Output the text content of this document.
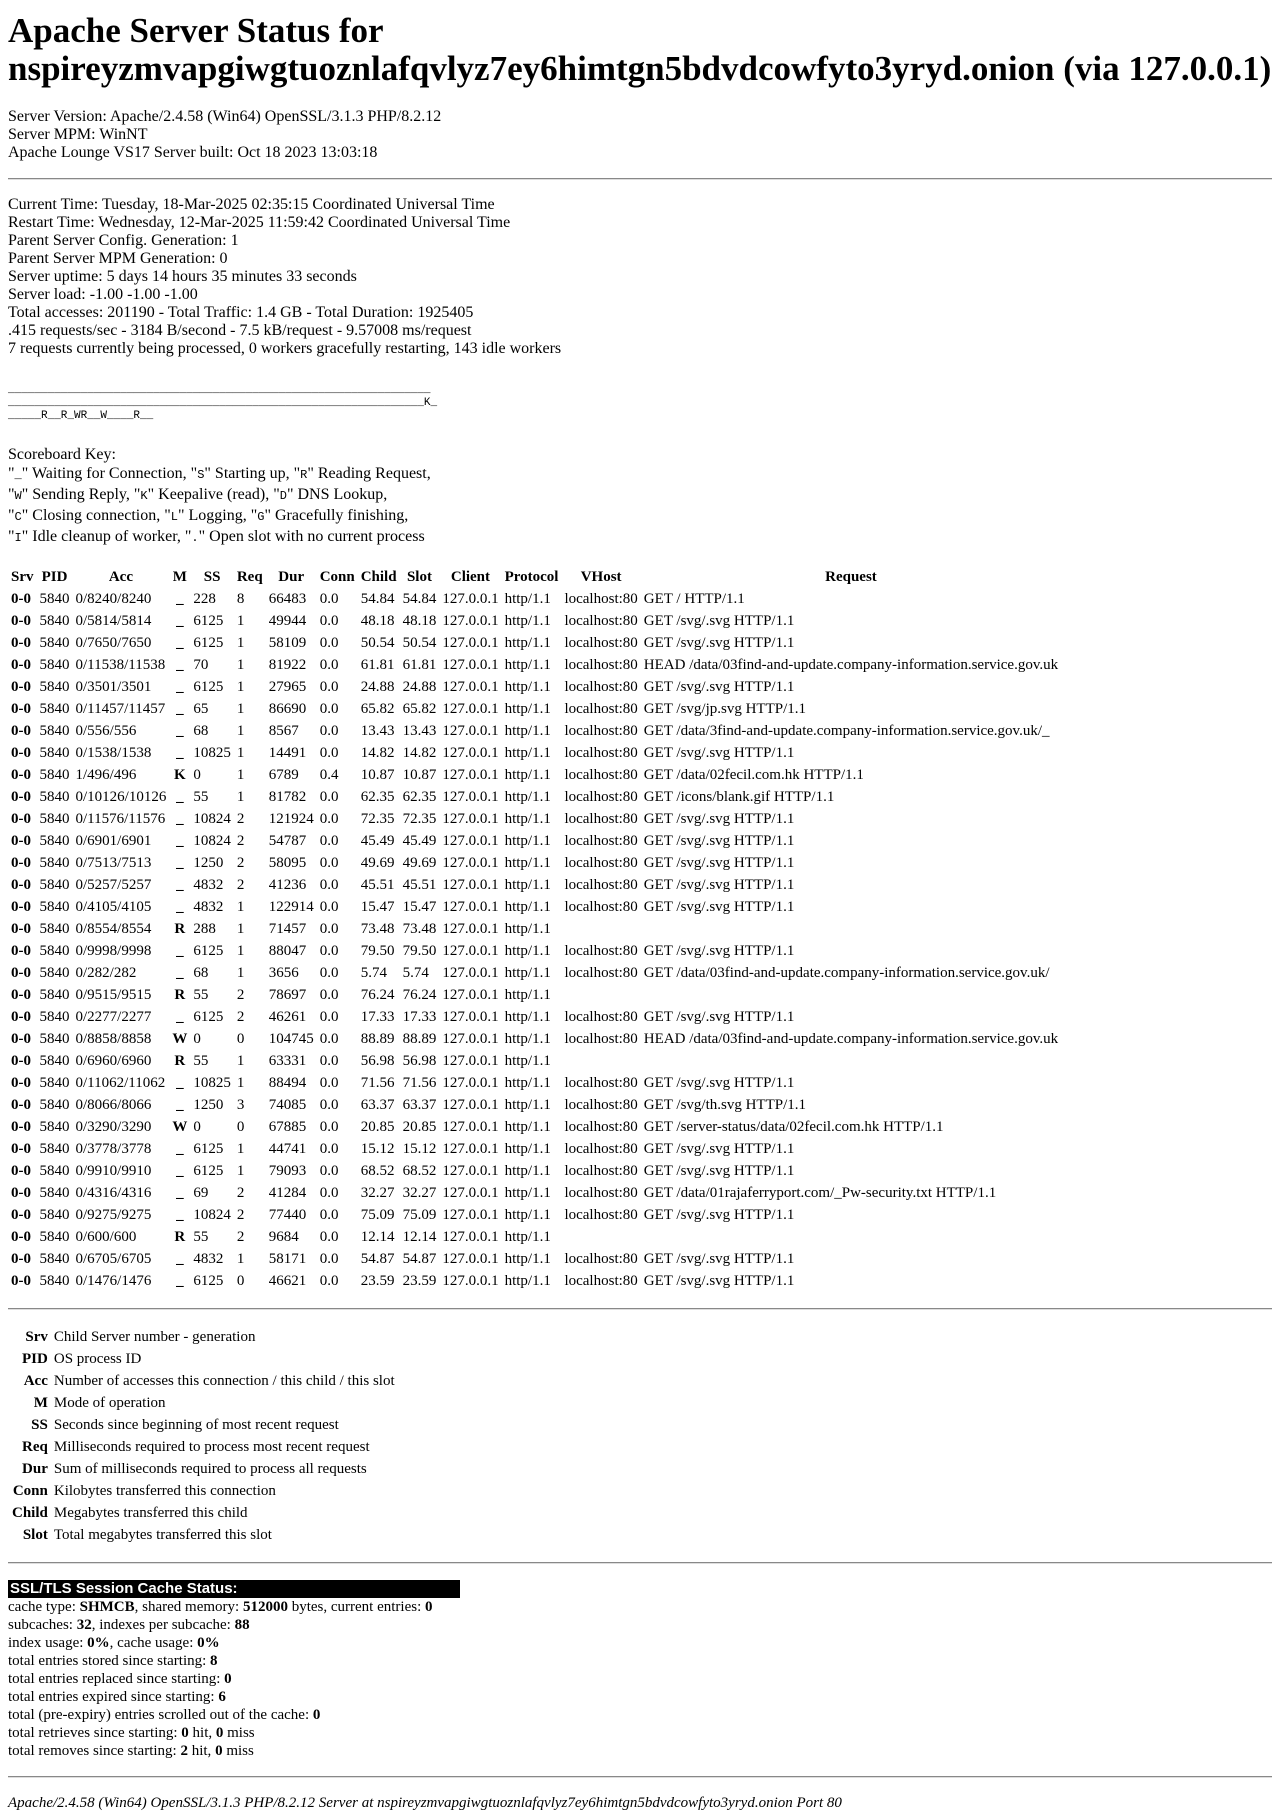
Apache Server Status for
nspireyzmvapgiwgtuoznlafqvlyz7ey6himtgn5bdvdcowfyto3yryd.onion (via 127.0.0.1)
Server Version: Apache/2.4.58 (Win64) OpenSSL/3.1.3 PHP/8.2.12
Server MPM: WinNT
Apache Lounge VS17 Server built: Oct 18 2023 13:03:18
Current Time: Tuesday, 18-Mar-2025 02:35:15 Coordinated Universal Time
Restart Time: Wednesday, 12-Mar-2025 11:59:42 Coordinated Universal Time
Parent Server Config. Generation: 1
Parent Server MPM Generation: 0
Server uptime: 5 days 14 hours 35 minutes 33 seconds
Server load: -1.00 -1.00 -1.00
Total accesses: 201190 - Total Traffic: 1.4 GB - Total Duration: 1925405
.415 requests/sec - 3184 B/second - 7.5 kB/request - 9.57008 ms/request
7 requests currently being processed, 0 workers gracefully restarting, 143 idle workers
________________________________________________________________
_______________________________________________________________K_
_____R__R_WR__W____R__
Scoreboard Key:
"_" Waiting for Connection, "S" Starting up, "R" Reading Request,
"W" Sending Reply, "K" Keepalive (read), "D" DNS Lookup,
"C" Closing connection, "L" Logging, "G" Gracefully finishing,
"I" Idle cleanup of worker, "." Open slot with no current process
Srv	PID	Acc	M	SS	Req	Dur	Conn	Child	Slot	Client	Protocol	VHost	Request
0-0	5840	0/8240/8240	_	228	8	66483	0.0	54.84	54.84	127.0.0.1	http/1.1	localhost:80	GET / HTTP/1.1
0-0	5840	0/5814/5814	_	6125	1	49944	0.0	48.18	48.18	127.0.0.1	http/1.1	localhost:80	GET /svg/.svg HTTP/1.1
0-0	5840	0/7650/7650	_	6125	1	58109	0.0	50.54	50.54	127.0.0.1	http/1.1	localhost:80	GET /svg/.svg HTTP/1.1
0-0	5840	0/11538/11538	_	70	1	81922	0.0	61.81	61.81	127.0.0.1	http/1.1	localhost:80	HEAD /data/03find-and-update.company-information.service.gov.uk
0-0	5840	0/3501/3501	_	6125	1	27965	0.0	24.88	24.88	127.0.0.1	http/1.1	localhost:80	GET /svg/.svg HTTP/1.1
0-0	5840	0/11457/11457	_	65	1	86690	0.0	65.82	65.82	127.0.0.1	http/1.1	localhost:80	GET /svg/jp.svg HTTP/1.1
0-0	5840	0/556/556	_	68	1	8567	0.0	13.43	13.43	127.0.0.1	http/1.1	localhost:80	GET /data/3find-and-update.company-information.service.gov.uk/_
0-0	5840	0/1538/1538	_	10825	1	14491	0.0	14.82	14.82	127.0.0.1	http/1.1	localhost:80	GET /svg/.svg HTTP/1.1
0-0	5840	1/496/496	K	0	1	6789	0.4	10.87	10.87	127.0.0.1	http/1.1	localhost:80	GET /data/02fecil.com.hk HTTP/1.1
0-0	5840	0/10126/10126	_	55	1	81782	0.0	62.35	62.35	127.0.0.1	http/1.1	localhost:80	GET /icons/blank.gif HTTP/1.1
0-0	5840	0/11576/11576	_	10824	2	121924	0.0	72.35	72.35	127.0.0.1	http/1.1	localhost:80	GET /svg/.svg HTTP/1.1
0-0	5840	0/6901/6901	_	10824	2	54787	0.0	45.49	45.49	127.0.0.1	http/1.1	localhost:80	GET /svg/.svg HTTP/1.1
0-0	5840	0/7513/7513	_	1250	2	58095	0.0	49.69	49.69	127.0.0.1	http/1.1	localhost:80	GET /svg/.svg HTTP/1.1
0-0	5840	0/5257/5257	_	4832	2	41236	0.0	45.51	45.51	127.0.0.1	http/1.1	localhost:80	GET /svg/.svg HTTP/1.1
0-0	5840	0/4105/4105	_	4832	1	122914	0.0	15.47	15.47	127.0.0.1	http/1.1	localhost:80	GET /svg/.svg HTTP/1.1
0-0	5840	0/8554/8554	R	288	1	71457	0.0	73.48	73.48	127.0.0.1	http/1.1		
0-0	5840	0/9998/9998	_	6125	1	88047	0.0	79.50	79.50	127.0.0.1	http/1.1	localhost:80	GET /svg/.svg HTTP/1.1
0-0	5840	0/282/282	_	68	1	3656	0.0	5.74	5.74	127.0.0.1	http/1.1	localhost:80	GET /data/03find-and-update.company-information.service.gov.uk/
0-0	5840	0/9515/9515	R	55	2	78697	0.0	76.24	76.24	127.0.0.1	http/1.1		
0-0	5840	0/2277/2277	_	6125	2	46261	0.0	17.33	17.33	127.0.0.1	http/1.1	localhost:80	GET /svg/.svg HTTP/1.1
0-0	5840	0/8858/8858	W	0	0	104745	0.0	88.89	88.89	127.0.0.1	http/1.1	localhost:80	HEAD /data/03find-and-update.company-information.service.gov.uk
0-0	5840	0/6960/6960	R	55	1	63331	0.0	56.98	56.98	127.0.0.1	http/1.1		
0-0	5840	0/11062/11062	_	10825	1	88494	0.0	71.56	71.56	127.0.0.1	http/1.1	localhost:80	GET /svg/.svg HTTP/1.1
0-0	5840	0/8066/8066	_	1250	3	74085	0.0	63.37	63.37	127.0.0.1	http/1.1	localhost:80	GET /svg/th.svg HTTP/1.1
0-0	5840	0/3290/3290	W	0	0	67885	0.0	20.85	20.85	127.0.0.1	http/1.1	localhost:80	GET /server-status/data/02fecil.com.hk HTTP/1.1
0-0	5840	0/3778/3778	_	6125	1	44741	0.0	15.12	15.12	127.0.0.1	http/1.1	localhost:80	GET /svg/.svg HTTP/1.1
0-0	5840	0/9910/9910	_	6125	1	79093	0.0	68.52	68.52	127.0.0.1	http/1.1	localhost:80	GET /svg/.svg HTTP/1.1
0-0	5840	0/4316/4316	_	69	2	41284	0.0	32.27	32.27	127.0.0.1	http/1.1	localhost:80	GET /data/01rajaferryport.com/_Pw-security.txt HTTP/1.1
0-0	5840	0/9275/9275	_	10824	2	77440	0.0	75.09	75.09	127.0.0.1	http/1.1	localhost:80	GET /svg/.svg HTTP/1.1
0-0	5840	0/600/600	R	55	2	9684	0.0	12.14	12.14	127.0.0.1	http/1.1		
0-0	5840	0/6705/6705	_	4832	1	58171	0.0	54.87	54.87	127.0.0.1	http/1.1	localhost:80	GET /svg/.svg HTTP/1.1
0-0	5840	0/1476/1476	_	6125	0	46621	0.0	23.59	23.59	127.0.0.1	http/1.1	localhost:80	GET /svg/.svg HTTP/1.1
Srv	Child Server number - generation
PID	OS process ID
Acc	Number of accesses this connection / this child / this slot
M	Mode of operation
SS	Seconds since beginning of most recent request
Req	Milliseconds required to process most recent request
Dur	Sum of milliseconds required to process all requests
Conn	Kilobytes transferred this connection
Child	Megabytes transferred this child
Slot	Total megabytes transferred this slot
SSL/TLS Session Cache Status:
cache type: SHMCB, shared memory: 512000 bytes, current entries: 0
subcaches: 32, indexes per subcache: 88
index usage: 0%, cache usage: 0%
total entries stored since starting: 8
total entries replaced since starting: 0
total entries expired since starting: 6
total (pre-expiry) entries scrolled out of the cache: 0
total retrieves since starting: 0 hit, 0 miss
total removes since starting: 2 hit, 0 miss
Apache/2.4.58 (Win64) OpenSSL/3.1.3 PHP/8.2.12 Server at nspireyzmvapgiwgtuoznlafqvlyz7ey6himtgn5bdvdcowfyto3yryd.onion Port 80
